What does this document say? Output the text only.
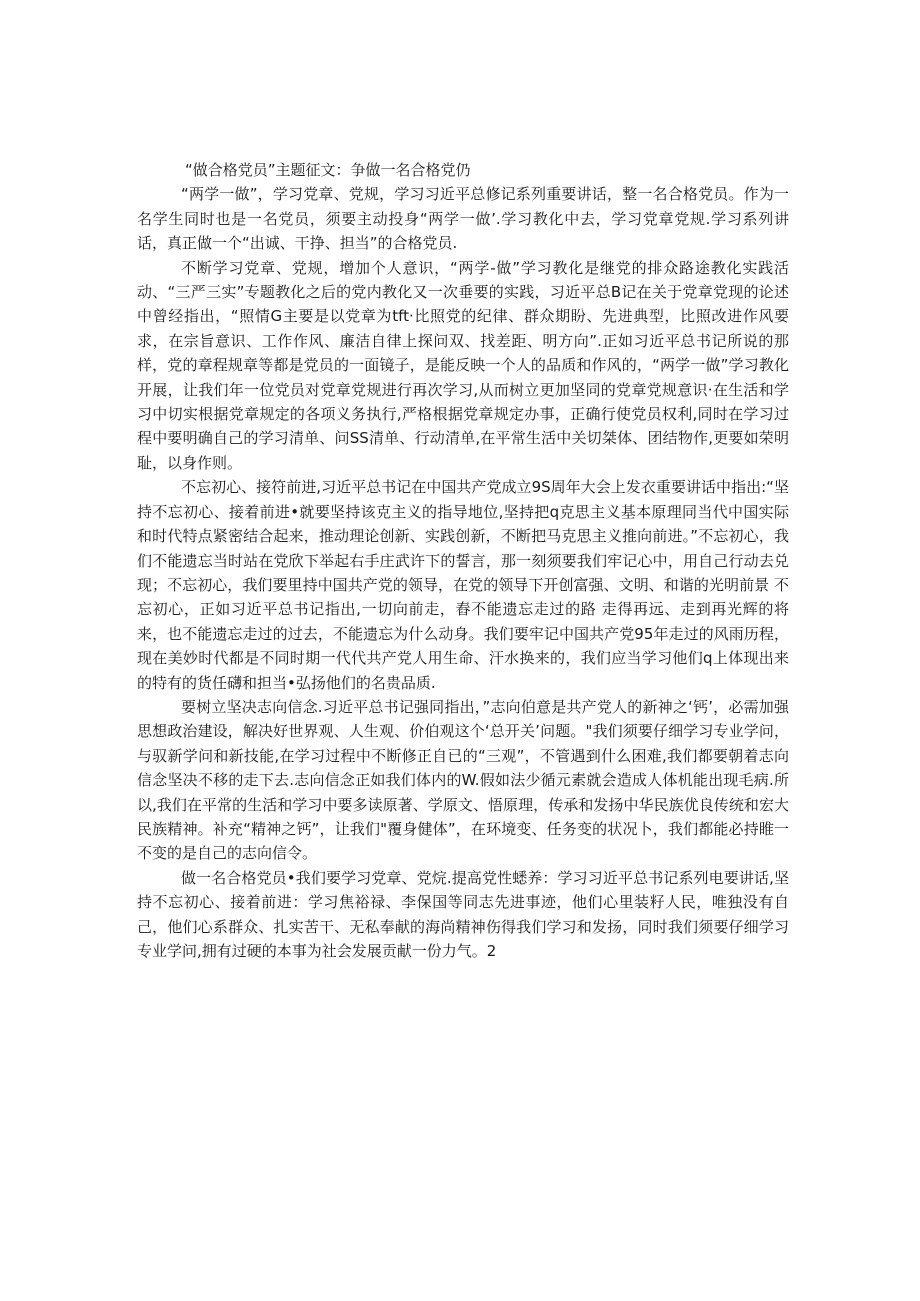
“做合格党员”主题征文：争做一名合格党仍

“两学一做”，学习党章、党规，学习习近平总修记系列重要讲话，整一名合格党员。作为一名学生同时也是一名党员，须要主动投身“两学一做’.学习教化中去，学习党章党规.学习系列讲话，真正做一个“出诚、干挣、担当”的合格党员.

不断学习党章、党规，增加个人意识，“两学-做”学习教化是继党的排众路途教化实践活动、“三严三实”专题教化之后的党内教化又一次垂要的实践，习近平总B记在关于党章党现的论述中曾经指出，“照情G主要是以党章为tft·比照党的纪律、群众期盼、先进典型，比照改进作风要求，在宗旨意识、工作作风、廉洁自律上探问双、找差距、明方向”.正如习近平总书记所说的那样，党的章程规章等都是党员的一面镜子，是能反映一个人的品质和作风的，“两学一做”学习教化开展，让我们年一位党员对党章党规进行再次学习,从而树立更加坚同的党章党规意识·在生活和学习中切实根据党章规定的各项义务执行,严格根据党章规定办事，正确行使党员权利,同时在学习过程中要明确自己的学习清单、问SS清单、行动清单,在平常生活中关切桀体、团结物作,更要如荣明耻，以身作则。

不忘初心、接符前进,习近平总书记在中国共产党成立9S周年大会上发衣重要讲话中指出:“坚持不忘初心、接着前进•就要坚持该克主义的指导地位,坚持把q克思主义基本原理同当代中国实际和时代特点紧密结合起来，推动理论创新、实践创新，不断把马克思主义推向前进。”不忘初心，我们不能遗忘当时站在党欣下举起右手庄武许下的誓言，那一刻须要我们牢记心中，用自己行动去兑现；不忘初心，我们要里持中国共产党的领导，在党的领导下开创富强、文明、和谐的光明前景 不忘初心，正如习近平总书记指出,一切向前走，舂不能遗忘走过的路 走得再远、走到再光辉的将来，也不能遗忘走过的过去，不能遗忘为什么动身。我们要牢记中国共产党95年走过的风雨历程，现在美妙时代都是不同时期一代代共产党人用生命、汗水换来的，我们应当学习他们q上体现出来的特有的货任礴和担当•弘扬他们的名贵品质.

要树立坚决志向信念.习近平总书记强同指出，”志向伯意是共产党人的新神之‘钙’，必需加强思想政治建设，解决好世界观、人生观、价伯观这个‘总开关’问题。"我们须要仔细学习专业学问，与驭新学问和新技能,在学习过程中不断修正自已的“三观”，不管遇到什么困难,我们都要朝着志向信念坚决不移的走下去.志向信念正如我们体内的W.假如法少循元素就会造成人体机能出现毛病.所以,我们在平常的生活和学习中要多读原著、学原文、悟原理，传承和发扬中华民族优良传统和宏大民族精神。补充“精神之钙”，让我们"覆身健体”，在环境变、任务变的状况卜，我们都能必持睢一不变的是自己的志向信令。

做一名合格党员•我们要学习党章、党烷.提高党性蟋养：学习习近平总书记系列电要讲话,坚持不忘初心、接着前进：学习焦裕禄、李保国等同志先进事迹，他们心里装籽人民，唯独没有自己，他们心系群众、扎实苦干、无私奉献的海尚精神伤得我们学习和发扬，同时我们须要仔细学习专业学问,拥有过硬的本事为社会发展贡献一份力气。2
